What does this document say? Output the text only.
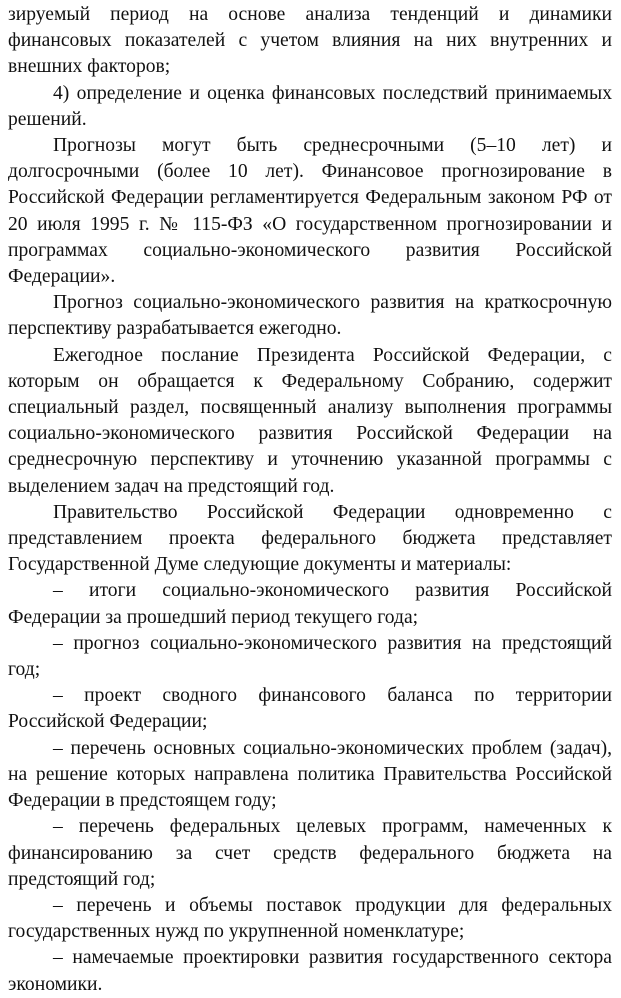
зируемый период на основе анализа тенденций и динамики финансовых показателей с учетом влияния на них внутренних и внешних факторов;

4) определение и оценка финансовых последствий принимаемых решений.

Прогнозы могут быть среднесрочными (5–10 лет) и долгосрочными (более 10 лет). Финансовое прогнозирование в Российской Федерации регламентируется Федеральным законом РФ от 20 июля 1995 г. № 115-ФЗ «О государственном прогнозировании и программах социально-экономического развития Российской Федерации».

Прогноз социально-экономического развития на краткосрочную перспективу разрабатывается ежегодно.

Ежегодное послание Президента Российской Федерации, с которым он обращается к Федеральному Собранию, содержит специальный раздел, посвященный анализу выполнения программы социально-экономического развития Российской Федерации на среднесрочную перспективу и уточнению указанной программы с выделением задач на предстоящий год.

Правительство Российской Федерации одновременно с представлением проекта федерального бюджета представляет Государственной Думе следующие документы и материалы:

– итоги социально-экономического развития Российской Федерации за прошедший период текущего года;

– прогноз социально-экономического развития на предстоящий год;

– проект сводного финансового баланса по территории Российской Федерации;

– перечень основных социально-экономических проблем (задач), на решение которых направлена политика Правительства Российской Федерации в предстоящем году;

– перечень федеральных целевых программ, намеченных к финансированию за счет средств федерального бюджета на предстоящий год;

– перечень и объемы поставок продукции для федеральных государственных нужд по укрупненной номенклатуре;

– намечаемые проектировки развития государственного сектора экономики.
